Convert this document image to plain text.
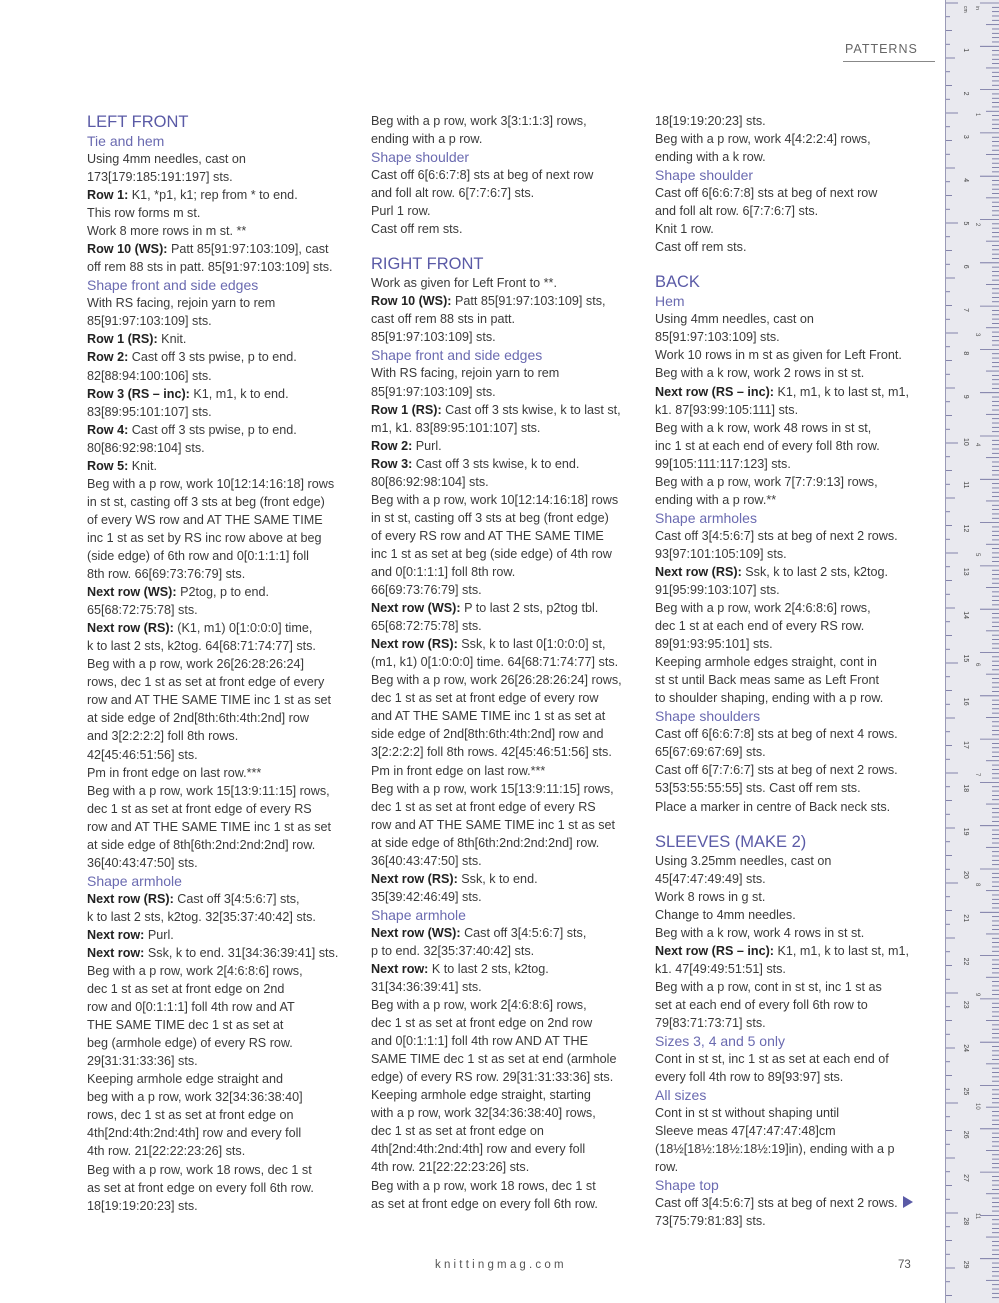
PATTERNS

LEFT FRONT

Tie and hem

Using 4mm needles, cast on

173[179:185:191:197] sts.

Row 1: K1, *p1, k1; rep from * to end.

This row forms m st.

Work 8 more rows in m st. **

Row 10 (WS): Patt 85[91:97:103:109], cast

off rem 88 sts in patt. 85[91:97:103:109] sts.

Shape front and side edges

With RS facing, rejoin yarn to rem

85[91:97:103:109] sts.

Row 1 (RS): Knit.

Row 2: Cast off 3 sts pwise, p to end.

82[88:94:100:106] sts.

Row 3 (RS – inc): K1, m1, k to end.

83[89:95:101:107] sts.

Row 4: Cast off 3 sts pwise, p to end.

80[86:92:98:104] sts.

Row 5: Knit.

Beg with a p row, work 10[12:14:16:18] rows

in st st, casting off 3 sts at beg (front edge)

of every WS row and AT THE SAME TIME

inc 1 st as set by RS inc row above at beg

(side edge) of 6th row and 0[0:1:1:1] foll

8th row. 66[69:73:76:79] sts.

Next row (WS): P2tog, p to end.

65[68:72:75:78] sts.

Next row (RS): (K1, m1) 0[1:0:0:0] time,

k to last 2 sts, k2tog. 64[68:71:74:77] sts.

Beg with a p row, work 26[26:28:26:24]

rows, dec 1 st as set at front edge of every

row and AT THE SAME TIME inc 1 st as set

at side edge of 2nd[8th:6th:4th:2nd] row

and 3[2:2:2:2] foll 8th rows.

42[45:46:51:56] sts.

Pm in front edge on last row.***

Beg with a p row, work 15[13:9:11:15] rows,

dec 1 st as set at front edge of every RS

row and AT THE SAME TIME inc 1 st as set

at side edge of 8th[6th:2nd:2nd:2nd] row.

36[40:43:47:50] sts.

Shape armhole

Next row (RS): Cast off 3[4:5:6:7] sts,

k to last 2 sts, k2tog. 32[35:37:40:42] sts.

Next row: Purl.

Next row: Ssk, k to end. 31[34:36:39:41] sts.

Beg with a p row, work 2[4:6:8:6] rows,

dec 1 st as set at front edge on 2nd

row and 0[0:1:1:1] foll 4th row and AT

THE SAME TIME dec 1 st as set at

beg (armhole edge) of every RS row.

29[31:31:33:36] sts.

Keeping armhole edge straight and

beg with a p row, work 32[34:36:38:40]

rows, dec 1 st as set at front edge on

4th[2nd:4th:2nd:4th] row and every foll

4th row. 21[22:22:23:26] sts.

Beg with a p row, work 18 rows, dec 1 st

as set at front edge on every foll 6th row.

18[19:19:20:23] sts.

Beg with a p row, work 3[3:1:1:3] rows,

ending with a p row.

Shape shoulder

Cast off 6[6:6:7:8] sts at beg of next row

and foll alt row. 6[7:7:6:7] sts.

Purl 1 row.

Cast off rem sts.

RIGHT FRONT

Work as given for Left Front to **.

Row 10 (WS): Patt 85[91:97:103:109] sts,

cast off rem 88 sts in patt.

85[91:97:103:109] sts.

Shape front and side edges

With RS facing, rejoin yarn to rem

85[91:97:103:109] sts.

Row 1 (RS): Cast off 3 sts kwise, k to last st,

m1, k1. 83[89:95:101:107] sts.

Row 2: Purl.

Row 3: Cast off 3 sts kwise, k to end.

80[86:92:98:104] sts.

Beg with a p row, work 10[12:14:16:18] rows

in st st, casting off 3 sts at beg (front edge)

of every RS row and AT THE SAME TIME

inc 1 st as set at beg (side edge) of 4th row

and 0[0:1:1:1] foll 8th row.

66[69:73:76:79] sts.

Next row (WS): P to last 2 sts, p2tog tbl.

65[68:72:75:78] sts.

Next row (RS): Ssk, k to last 0[1:0:0:0] st,

(m1, k1) 0[1:0:0:0] time. 64[68:71:74:77] sts.

Beg with a p row, work 26[26:28:26:24] rows,

dec 1 st as set at front edge of every row

and AT THE SAME TIME inc 1 st as set at

side edge of 2nd[8th:6th:4th:2nd] row and

3[2:2:2:2] foll 8th rows. 42[45:46:51:56] sts.

Pm in front edge on last row.***

Beg with a p row, work 15[13:9:11:15] rows,

dec 1 st as set at front edge of every RS

row and AT THE SAME TIME inc 1 st as set

at side edge of 8th[6th:2nd:2nd:2nd] row.

36[40:43:47:50] sts.

Next row (RS): Ssk, k to end.

35[39:42:46:49] sts.

Shape armhole

Next row (WS): Cast off 3[4:5:6:7] sts,

p to end. 32[35:37:40:42] sts.

Next row: K to last 2 sts, k2tog.

31[34:36:39:41] sts.

Beg with a p row, work 2[4:6:8:6] rows,

dec 1 st as set at front edge on 2nd row

and 0[0:1:1:1] foll 4th row AND AT THE

SAME TIME dec 1 st as set at end (armhole

edge) of every RS row. 29[31:31:33:36] sts.

Keeping armhole edge straight, starting

with a p row, work 32[34:36:38:40] rows,

dec 1 st as set at front edge on

4th[2nd:4th:2nd:4th] row and every foll

4th row. 21[22:22:23:26] sts.

Beg with a p row, work 18 rows, dec 1 st

as set at front edge on every foll 6th row.

18[19:19:20:23] sts.

Beg with a p row, work 4[4:2:2:4] rows,

ending with a k row.

Shape shoulder

Cast off 6[6:6:7:8] sts at beg of next row

and foll alt row. 6[7:7:6:7] sts.

Knit 1 row.

Cast off rem sts.

BACK

Hem

Using 4mm needles, cast on

85[91:97:103:109] sts.

Work 10 rows in m st as given for Left Front.

Beg with a k row, work 2 rows in st st.

Next row (RS – inc): K1, m1, k to last st, m1,

k1. 87[93:99:105:111] sts.

Beg with a k row, work 48 rows in st st,

inc 1 st at each end of every foll 8th row.

99[105:111:117:123] sts.

Beg with a p row, work 7[7:7:9:13] rows,

ending with a p row.**

Shape armholes

Cast off 3[4:5:6:7] sts at beg of next 2 rows.

93[97:101:105:109] sts.

Next row (RS): Ssk, k to last 2 sts, k2tog.

91[95:99:103:107] sts.

Beg with a p row, work 2[4:6:8:6] rows,

dec 1 st at each end of every RS row.

89[91:93:95:101] sts.

Keeping armhole edges straight, cont in

st st until Back meas same as Left Front

to shoulder shaping, ending with a p row.

Shape shoulders

Cast off 6[6:6:7:8] sts at beg of next 4 rows.

65[67:69:67:69] sts.

Cast off 6[7:7:6:7] sts at beg of next 2 rows.

53[53:55:55:55] sts. Cast off rem sts.

Place a marker in centre of Back neck sts.

SLEEVES (MAKE 2)

Using 3.25mm needles, cast on

45[47:47:49:49] sts.

Work 8 rows in g st.

Change to 4mm needles.

Beg with a k row, work 4 rows in st st.

Next row (RS – inc): K1, m1, k to last st, m1,

k1. 47[49:49:51:51] sts.

Beg with a p row, cont in st st, inc 1 st as

set at each end of every foll 6th row to

79[83:71:73:71] sts.

Sizes 3, 4 and 5 only

Cont in st st, inc 1 st as set at each end of

every foll 4th row to 89[93:97] sts.

All sizes

Cont in st st without shaping until

Sleeve meas 47[47:47:47:48]cm

(18½[18½:18½:18½:19]in), ending with a p row.

Shape top

Cast off 3[4:5:6:7] sts at beg of next 2 rows.

73[75:79:81:83] sts.

knittingmag.com	73
1
2
3
4
5
6
7
8
9
10
11
12
13
14
15
16
17
18
19
20
21
22
23
24
25
26
27
28
29
1
2
3
4
5
6
7
8
9
10
11
cm in
